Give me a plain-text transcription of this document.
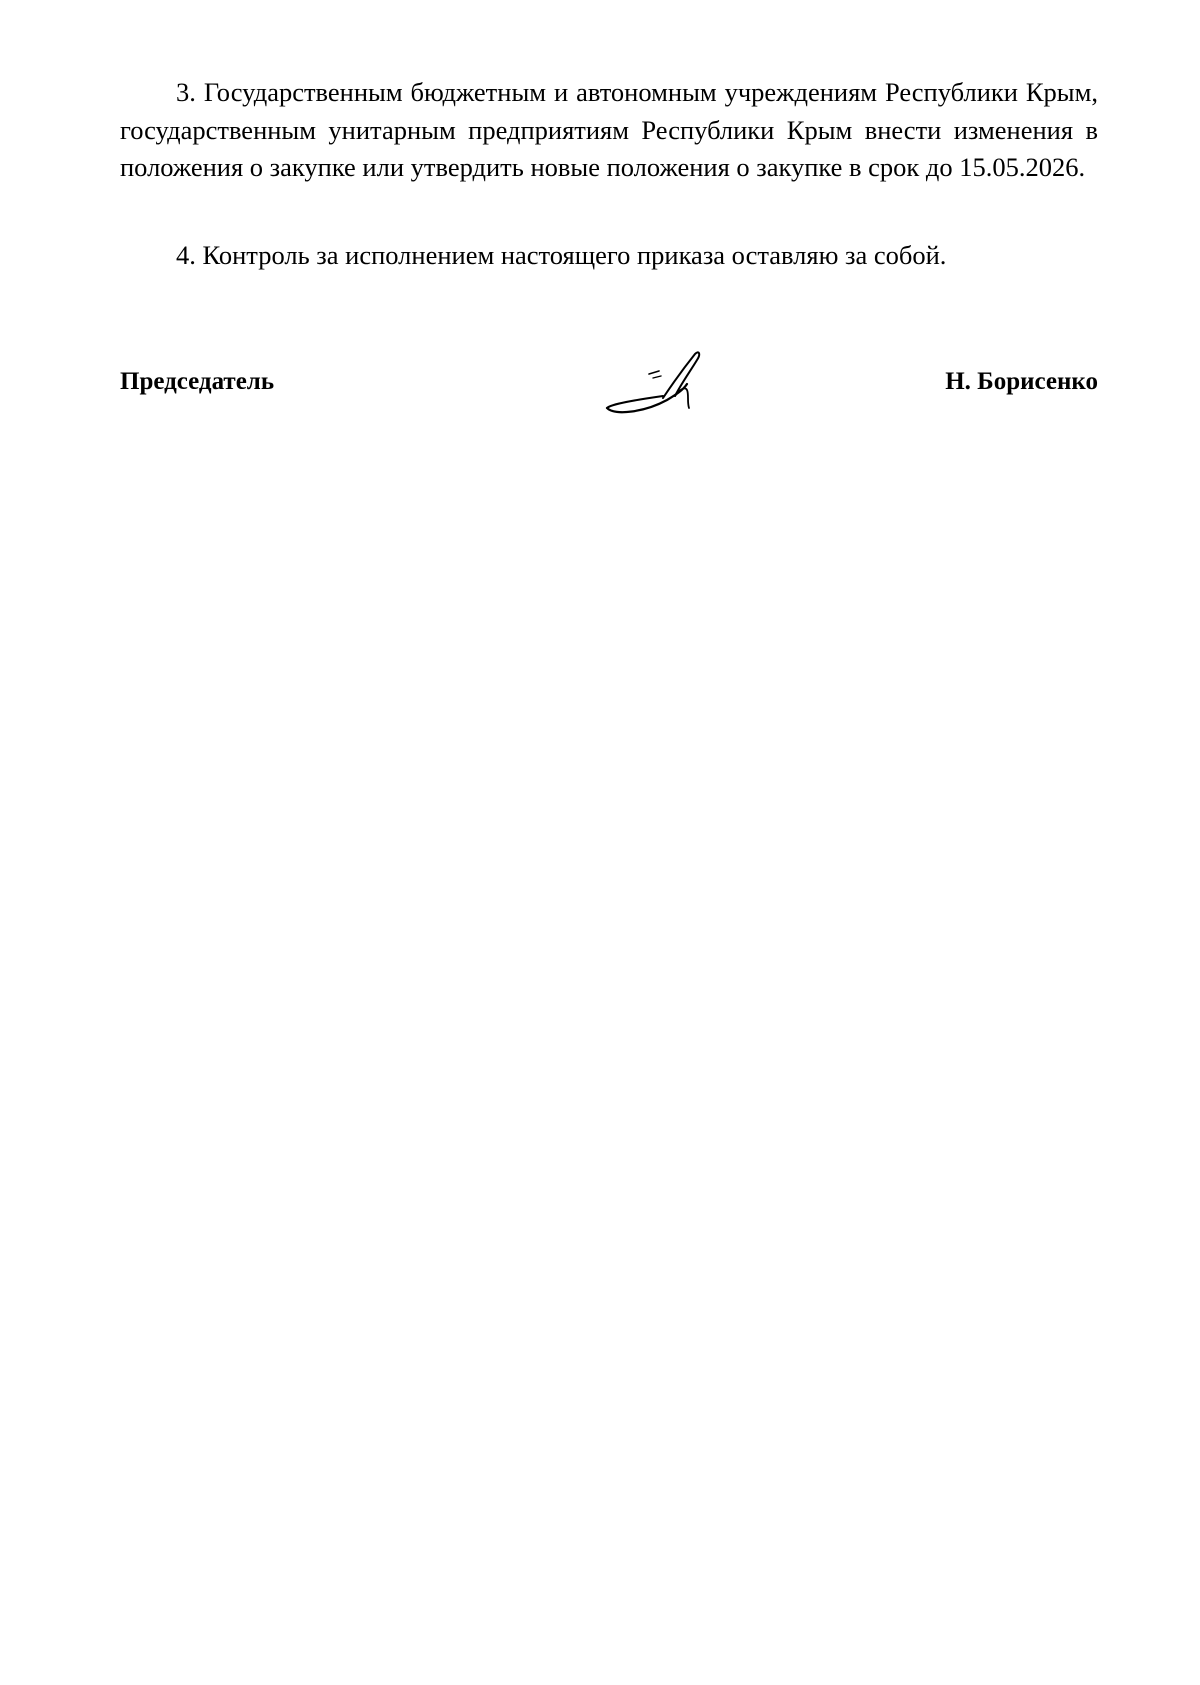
3. Государственным бюджетным и автономным учреждениям Республики Крым, государственным унитарным предприятиям Республики Крым внести изменения в положения о закупке или утвердить новые положения о закупке в срок до 15.05.2026.

4. Контроль за исполнением настоящего приказа оставляю за собой.

Председатель	Н. Борисенко
